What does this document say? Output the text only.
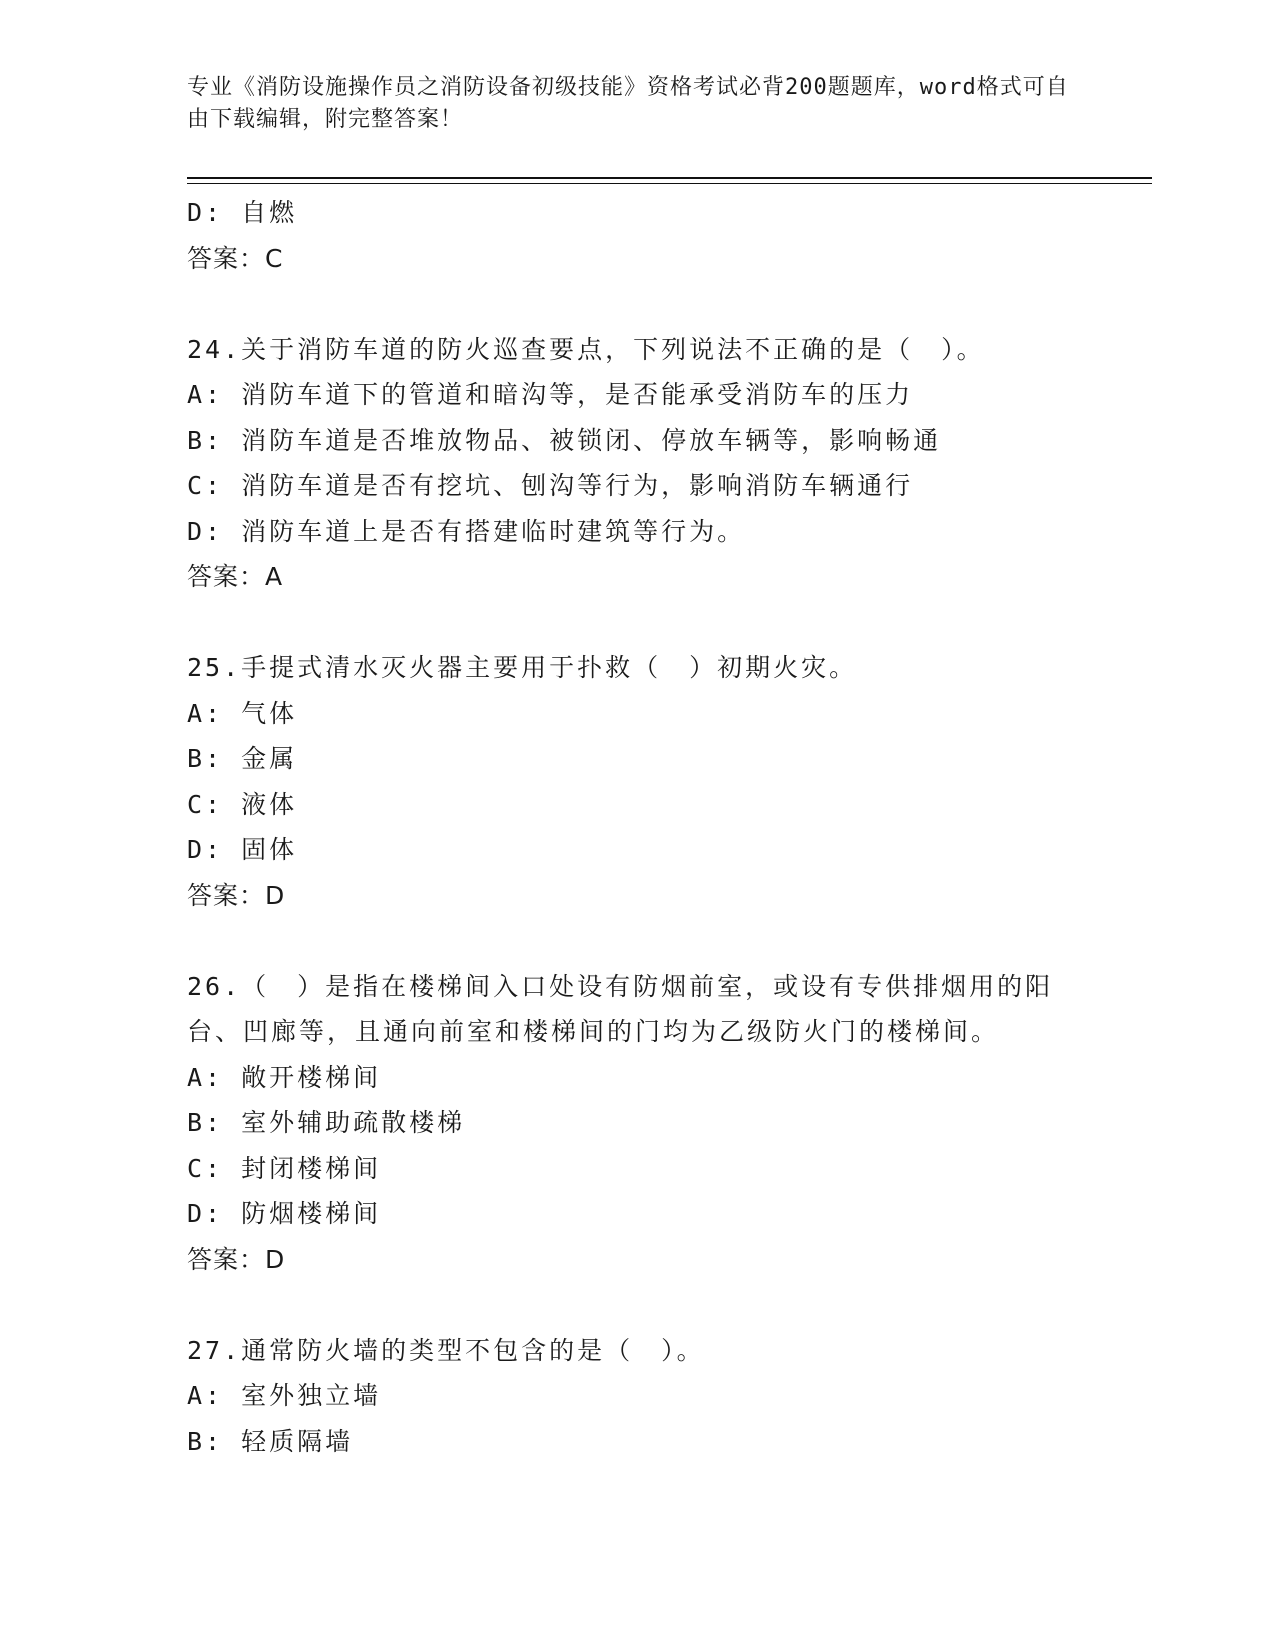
专业《消防设施操作员之消防设备初级技能》资格考试必背200题题库，word格式可自由下载编辑，附完整答案！
D: 自燃
答案：C
24.关于消防车道的防火巡查要点，下列说法不正确的是（　）。
A: 消防车道下的管道和暗沟等，是否能承受消防车的压力
B: 消防车道是否堆放物品、被锁闭、停放车辆等，影响畅通
C: 消防车道是否有挖坑、刨沟等行为，影响消防车辆通行
D: 消防车道上是否有搭建临时建筑等行为。
答案：A
25.手提式清水灭火器主要用于扑救（　）初期火灾。
A: 气体
B: 金属
C: 液体
D: 固体
答案：D
26.（　）是指在楼梯间入口处设有防烟前室，或设有专供排烟用的阳台、凹廊等，且通向前室和楼梯间的门均为乙级防火门的楼梯间。
A: 敞开楼梯间
B: 室外辅助疏散楼梯
C: 封闭楼梯间
D: 防烟楼梯间
答案：D
27.通常防火墙的类型不包含的是（　）。
A: 室外独立墙
B: 轻质隔墙
